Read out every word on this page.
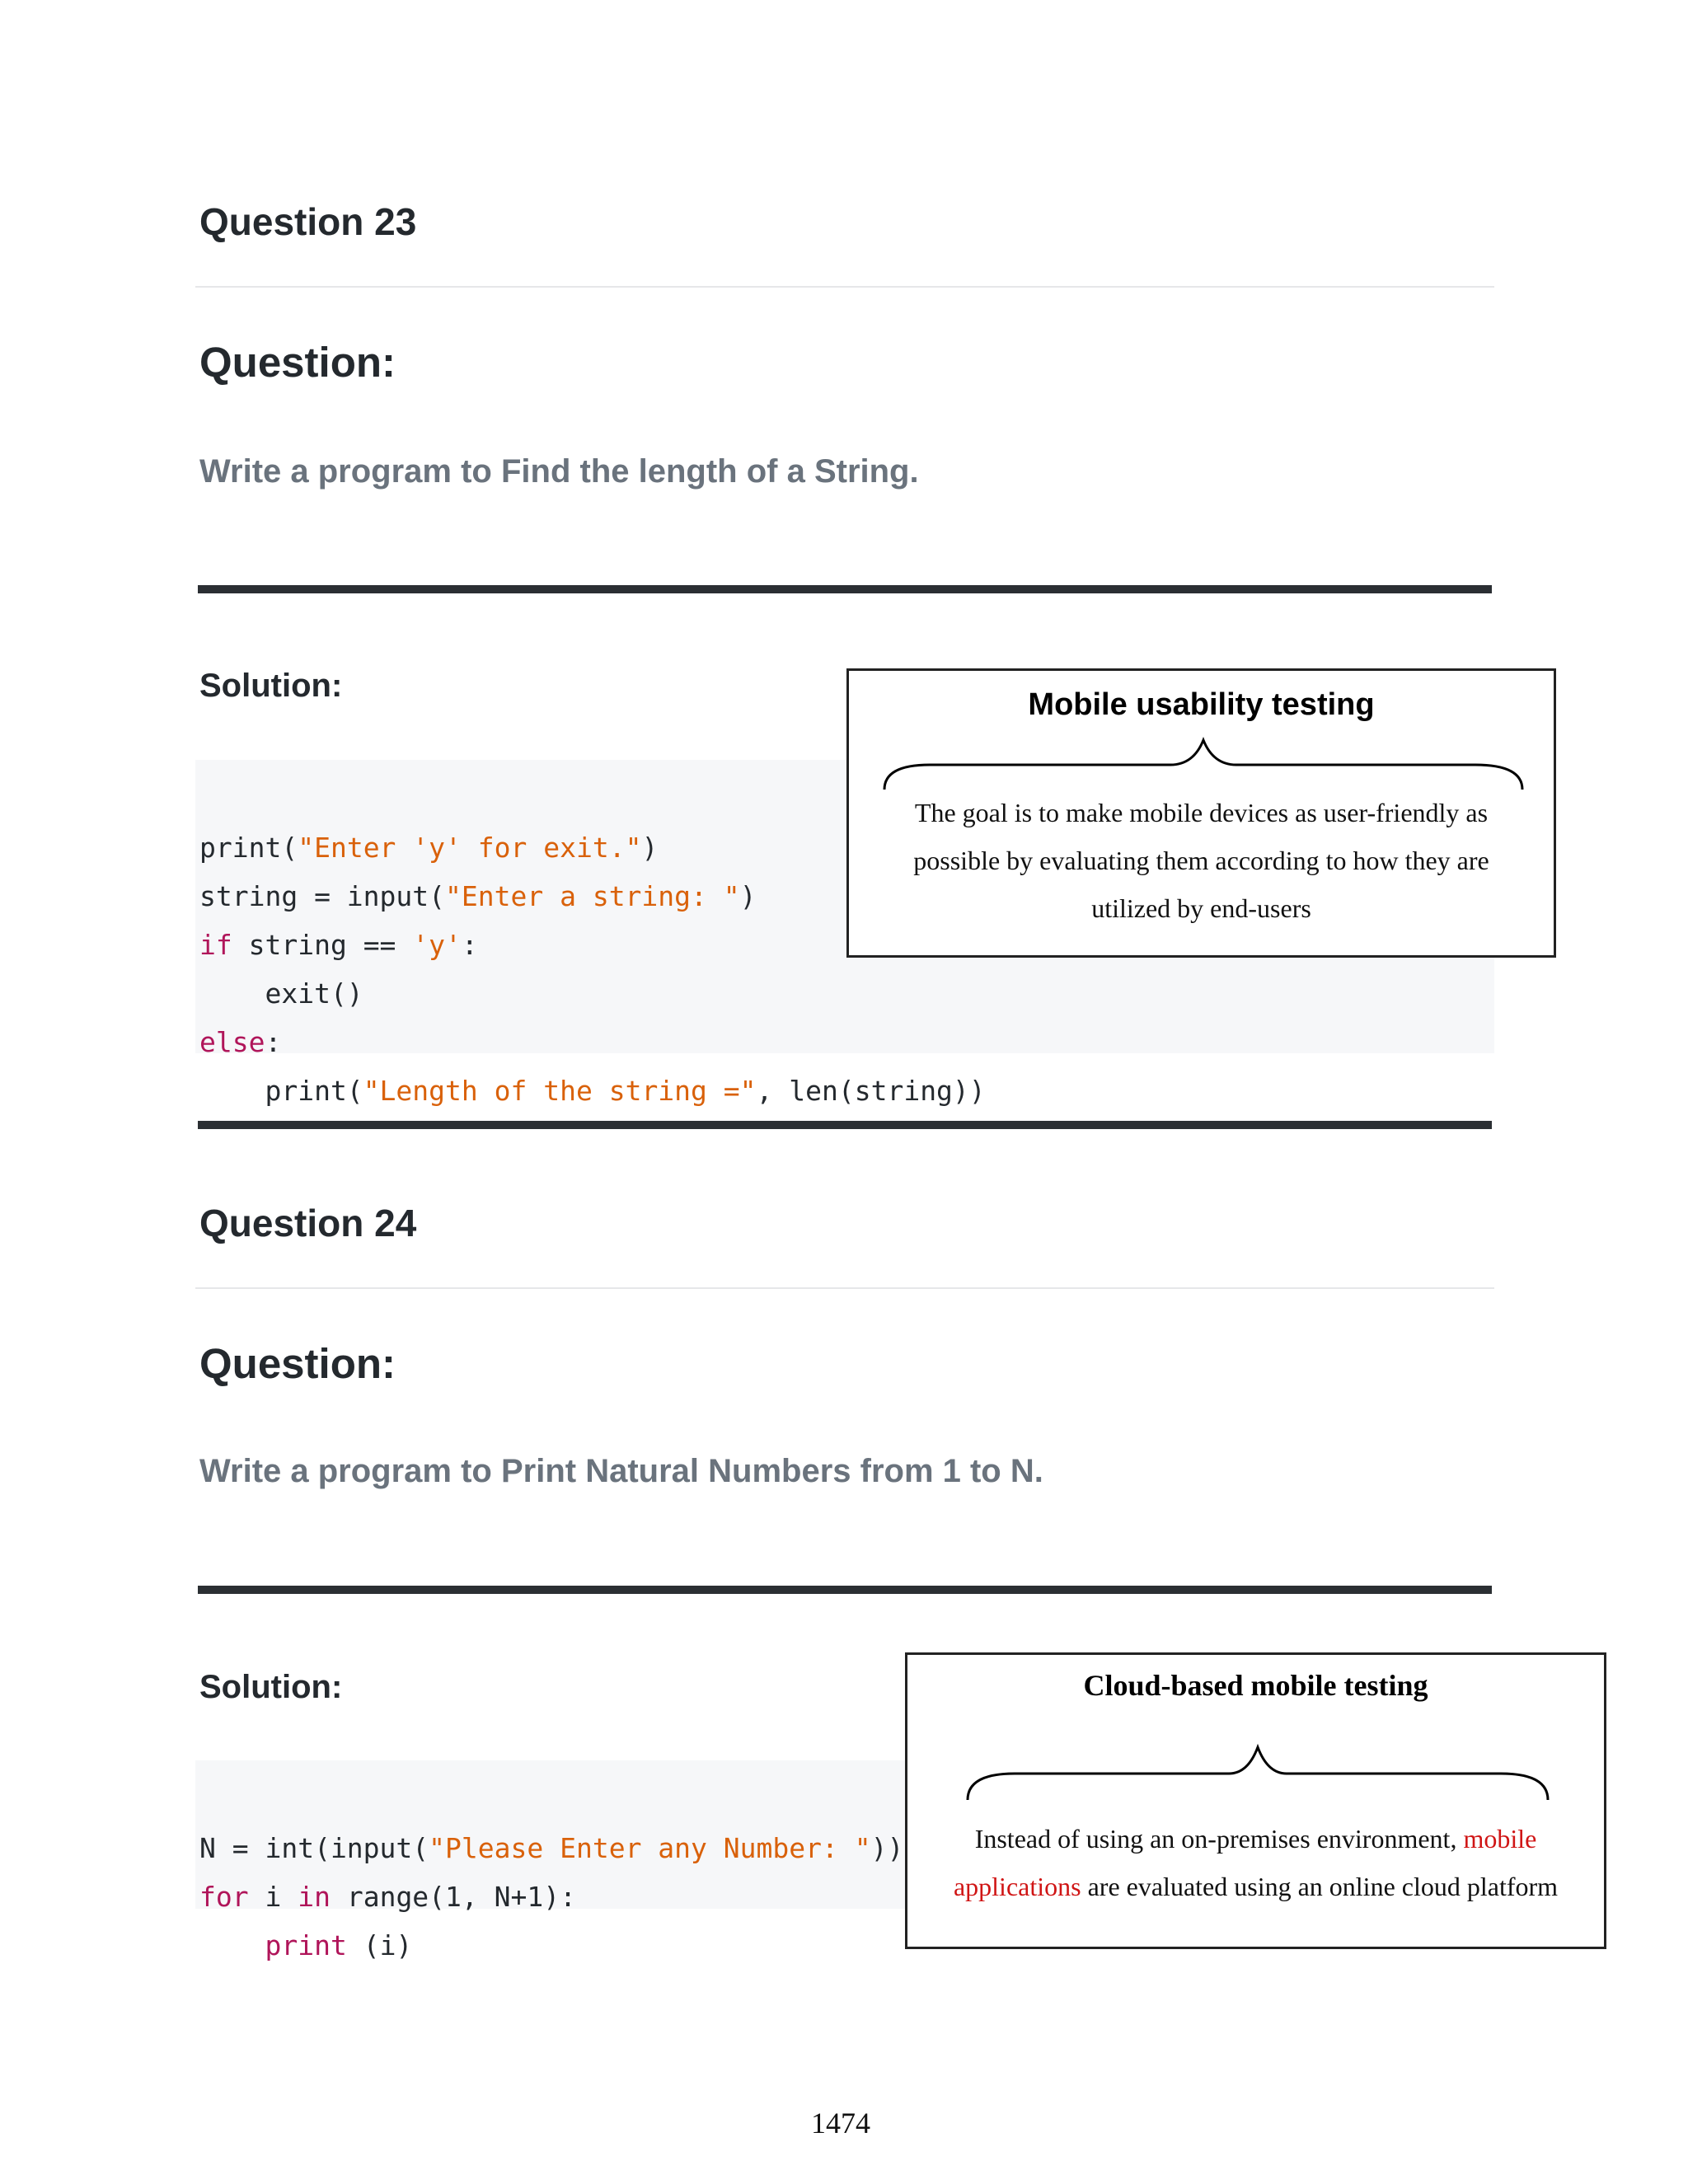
Question 23
Question:
Write a program to Find the length of a String.
Solution:

print("Enter 'y' for exit.")
string = input("Enter a string: ")
if string == 'y':
exit()
else:
print("Length of the string =", len(string))

Mobile usability testing
The goal is to make mobile devices as user-friendly as
possible by evaluating them according to how they are
utilized by end-users
Question 24
Question:
Write a program to Print Natural Numbers from 1 to N.
Solution:

N = int(input("Please Enter any Number: "))
for i in range(1, N+1):
print (i)

Cloud-based mobile testing
Instead of using an on-premises environment, mobile
applications are evaluated using an online cloud platform
1474
